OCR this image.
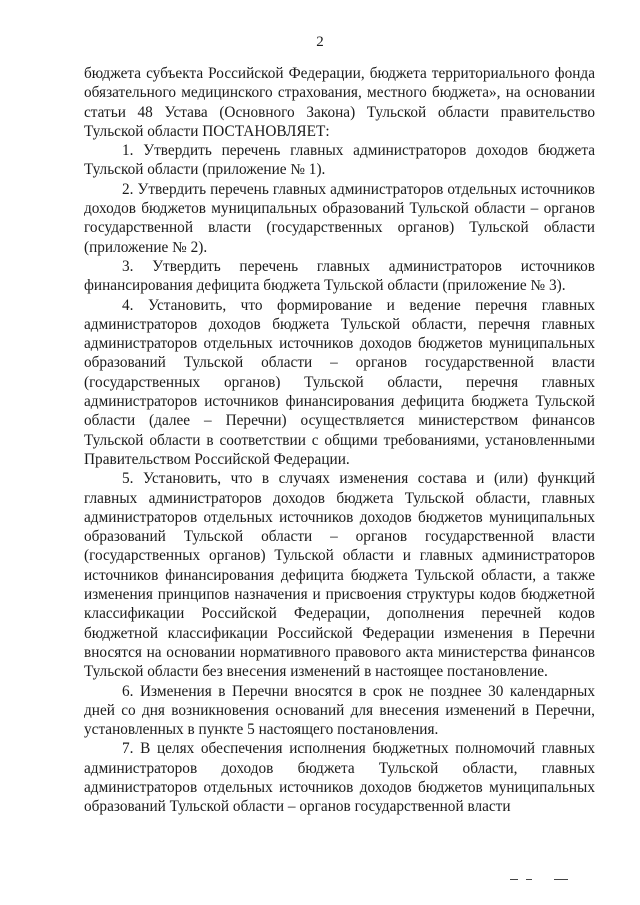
2

бюджета субъекта Российской Федерации, бюджета территориального фонда обязательного медицинского страхования, местного бюджета», на основании статьи 48 Устава (Основного Закона) Тульской области правительство Тульской области ПОСТАНОВЛЯЕТ:

1. Утвердить перечень главных администраторов доходов бюджета Тульской области (приложение № 1).

2. Утвердить перечень главных администраторов отдельных источников доходов бюджетов муниципальных образований Тульской области – органов государственной власти (государственных органов) Тульской области (приложение № 2).

3. Утвердить перечень главных администраторов источников финансирования дефицита бюджета Тульской области (приложение № 3).

4. Установить, что формирование и ведение перечня главных администраторов доходов бюджета Тульской области, перечня главных администраторов отдельных источников доходов бюджетов муниципальных образований Тульской области – органов государственной власти (государственных органов) Тульской области, перечня главных администраторов источников финансирования дефицита бюджета Тульской области (далее – Перечни) осуществляется министерством финансов Тульской области в соответствии с общими требованиями, установленными Правительством Российской Федерации.

5. Установить, что в случаях изменения состава и (или) функций главных администраторов доходов бюджета Тульской области, главных администраторов отдельных источников доходов бюджетов муниципальных образований Тульской области – органов государственной власти (государственных органов) Тульской области и главных администраторов источников финансирования дефицита бюджета Тульской области, а также изменения принципов назначения и присвоения структуры кодов бюджетной классификации Российской Федерации, дополнения перечней кодов бюджетной классификации Российской Федерации изменения в Перечни вносятся на основании нормативного правового акта министерства финансов Тульской области без внесения изменений в настоящее постановление.

6. Изменения в Перечни вносятся в срок не позднее 30 календарных дней со дня возникновения оснований для внесения изменений в Перечни, установленных в пункте 5 настоящего постановления.

7. В целях обеспечения исполнения бюджетных полномочий главных администраторов доходов бюджета Тульской области, главных администраторов отдельных источников доходов бюджетов муниципальных образований Тульской области – органов государственной власти
